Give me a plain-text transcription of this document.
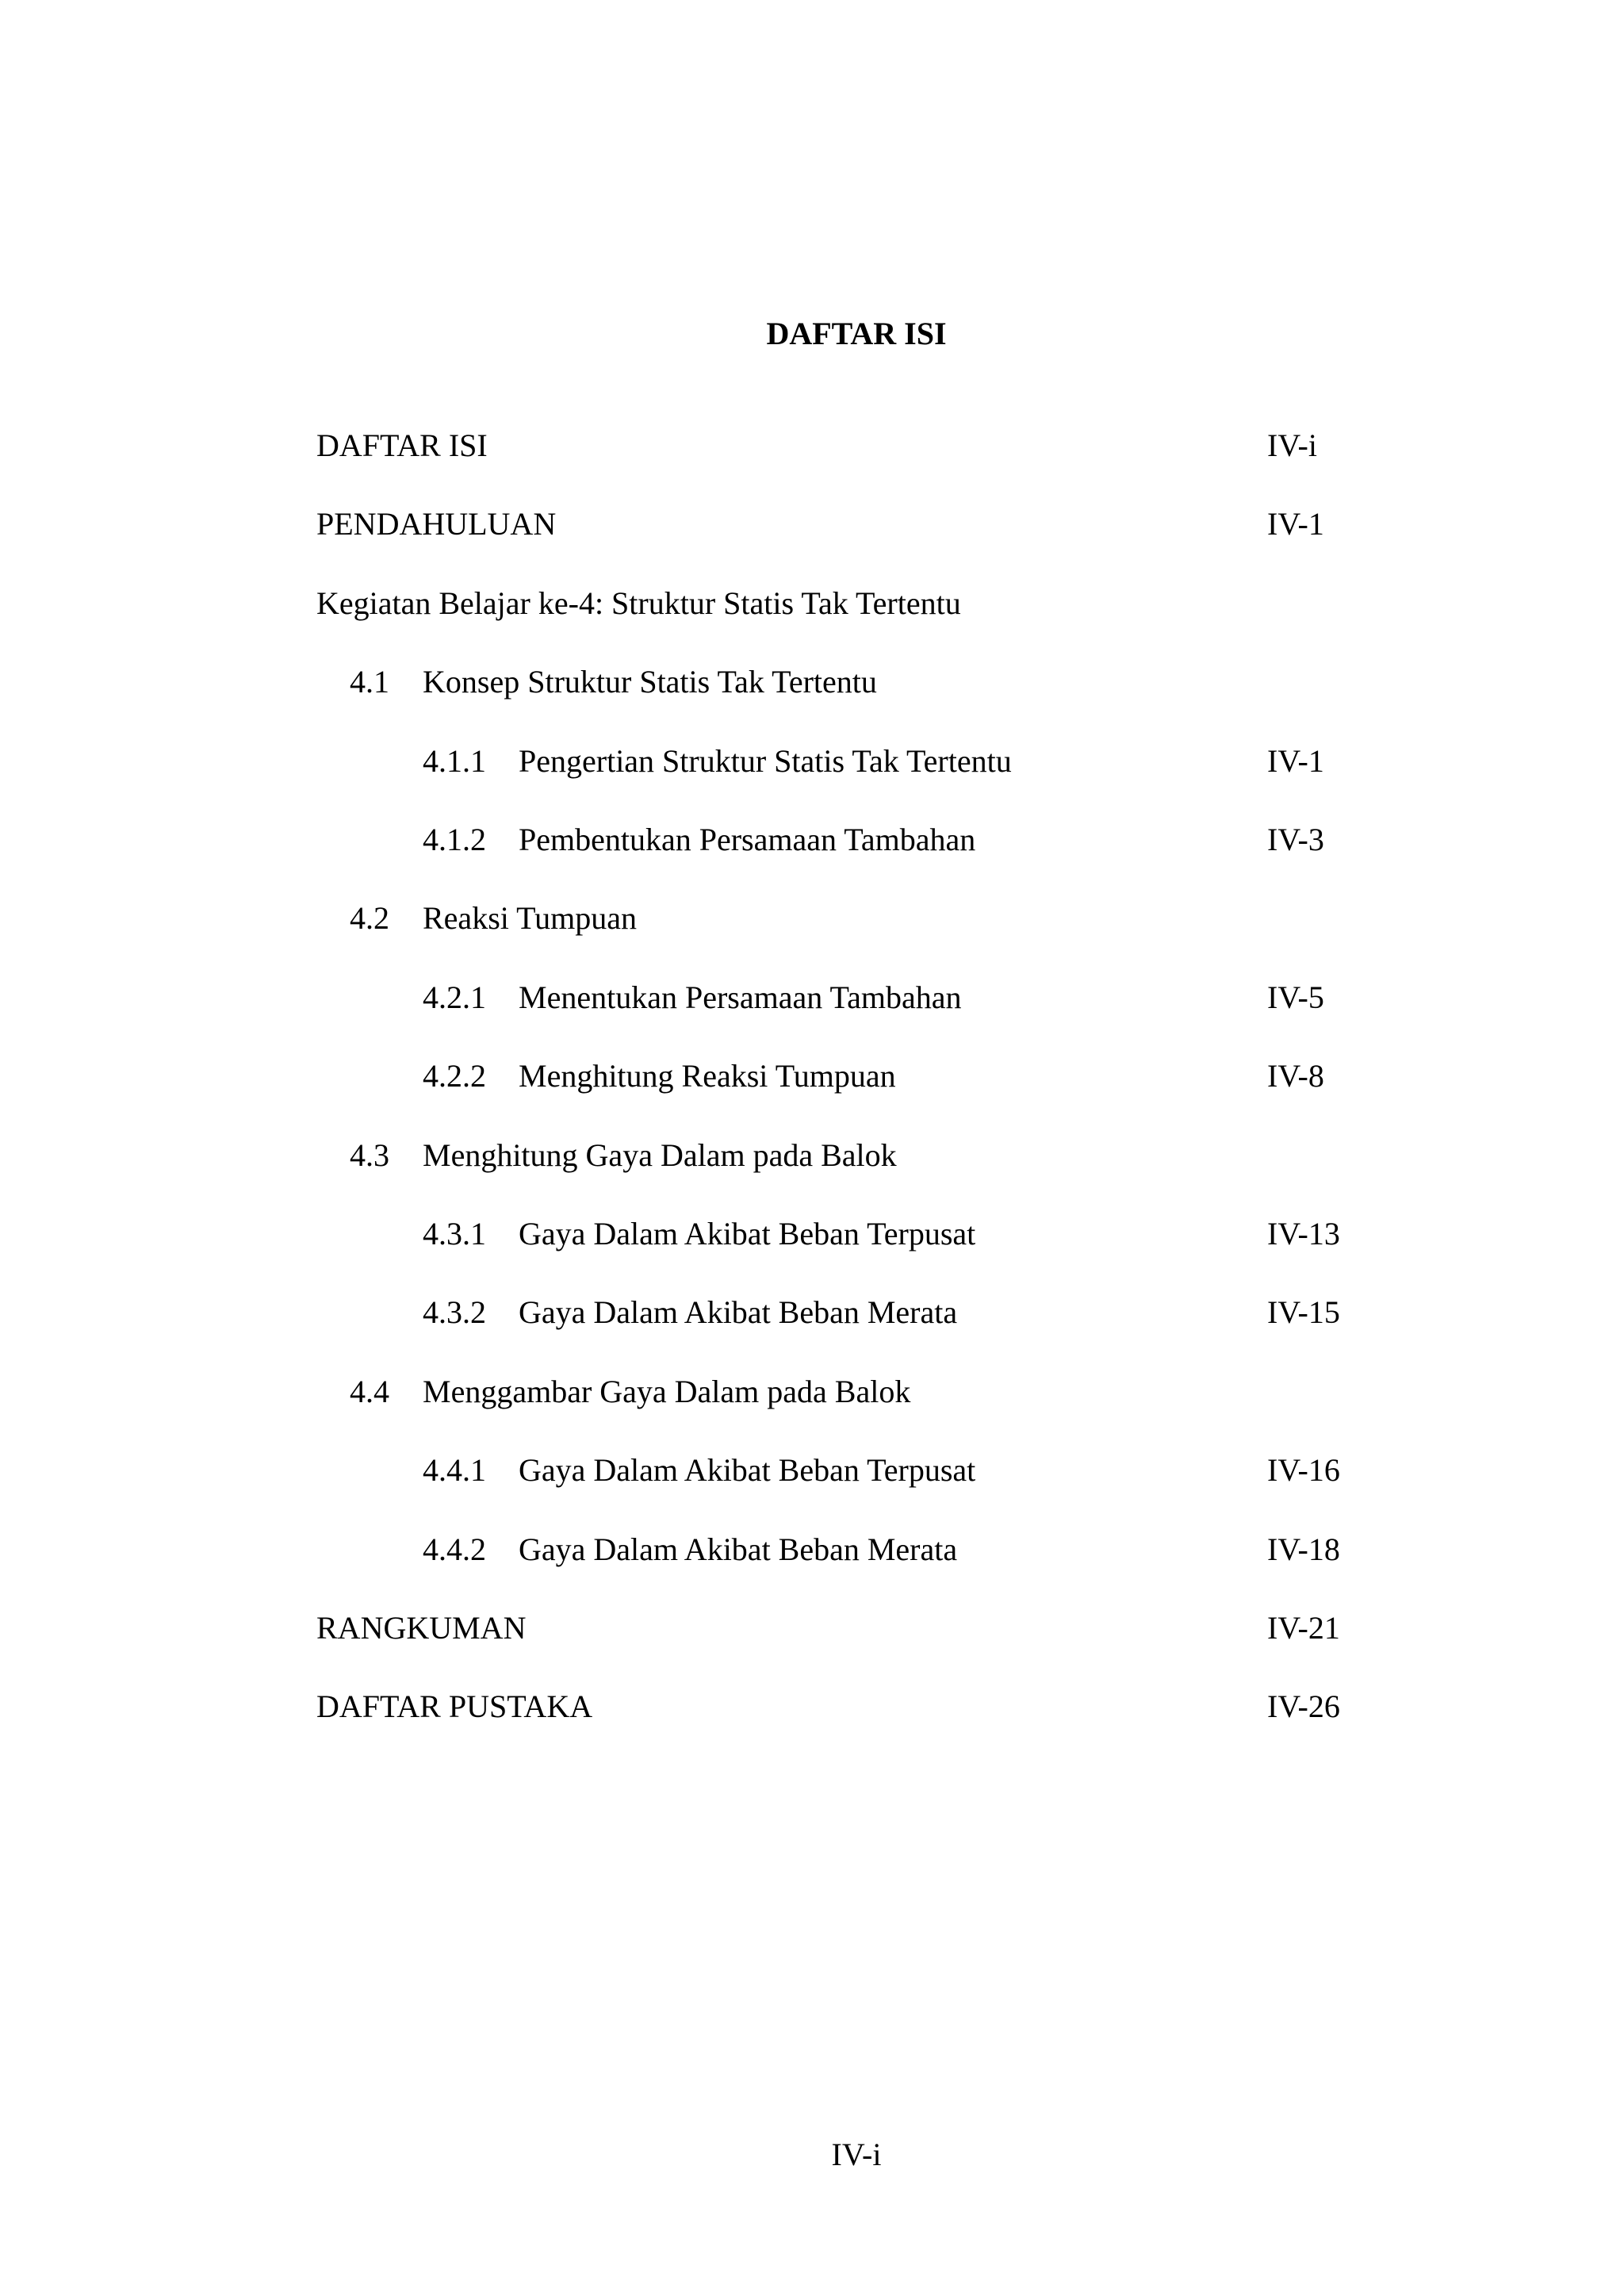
DAFTAR ISI
DAFTAR ISI	IV-i
PENDAHULUAN	IV-1
Kegiatan Belajar ke-4: Struktur Statis Tak Tertentu
4.1 Konsep Struktur Statis Tak Tertentu
4.1.1 Pengertian Struktur Statis Tak Tertentu	IV-1
4.1.2 Pembentukan Persamaan Tambahan	IV-3
4.2 Reaksi Tumpuan
4.2.1 Menentukan Persamaan Tambahan	IV-5
4.2.2 Menghitung Reaksi Tumpuan	IV-8
4.3 Menghitung Gaya Dalam pada Balok
4.3.1 Gaya Dalam Akibat Beban Terpusat	IV-13
4.3.2 Gaya Dalam Akibat Beban Merata	IV-15
4.4 Menggambar Gaya Dalam pada Balok
4.4.1 Gaya Dalam Akibat Beban Terpusat	IV-16
4.4.2 Gaya Dalam Akibat Beban Merata	IV-18
RANGKUMAN	IV-21
DAFTAR PUSTAKA	IV-26
IV-i
